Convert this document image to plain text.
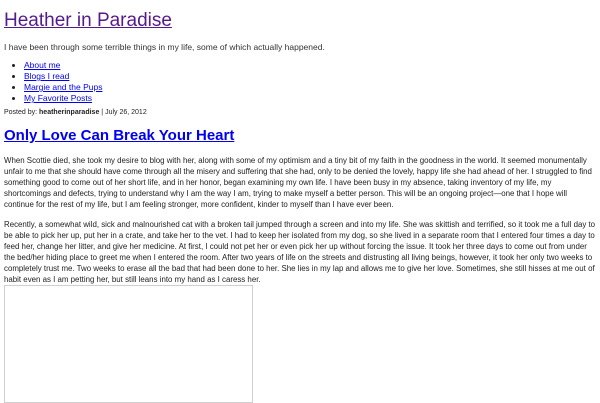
Heather in Paradise

I have been through some terrible things in my life, some of which actually happened.

• About me
• Blogs I read
• Margie and the Pups
• My Favorite Posts
Posted by: heatherinparadise | July 26, 2012
Only Love Can Break Your Heart

When Scottie died, she took my desire to blog with her, along with some of my optimism and a tiny bit of my faith in the goodness in the world. It seemed monumentally unfair to me that she should have come through all the misery and suffering that she had, only to be denied the lovely, happy life she had ahead of her. I struggled to find something good to come out of her short life, and in her honor, began examining my own life. I have been busy in my absence, taking inventory of my life, my shortcomings and defects, trying to understand why I am the way I am, trying to make myself a better person. This will be an ongoing project—one that I hope will continue for the rest of my life, but I am feeling stronger, more confident, kinder to myself than I have ever been.

Recently, a somewhat wild, sick and malnourished cat with a broken tail jumped through a screen and into my life. She was skittish and terrified, so it took me a full day to be able to pick her up, put her in a crate, and take her to the vet. I had to keep her isolated from my dog, so she lived in a separate room that I entered four times a day to feed her, change her litter, and give her medicine. At first, I could not pet her or even pick her up without forcing the issue. It took her three days to come out from under the bed/her hiding place to greet me when I entered the room. After two years of life on the streets and distrusting all living beings, however, it took her only two weeks to completely trust me. Two weeks to erase all the bad that had been done to her. She lies in my lap and allows me to give her love. Sometimes, she still hisses at me out of habit even as I am petting her, but still leans into my hand as I caress her.
